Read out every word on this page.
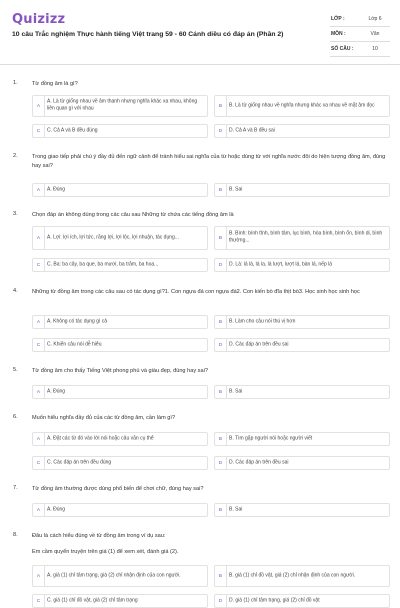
Quizizz
10 câu Trắc nghiệm Thực hành tiếng Việt trang 59 - 60 Cánh diều có đáp án (Phần 2)
LỚP :	Lớp 6
MÔN :	Văn
SỐ CÂU :	10
1.	Từ đồng âm là gì?
A
A. Là từ giống nhau về âm thanh nhưng nghĩa khác xa nhau, không liên quan gì với nhau	B	B. Là từ giống nhau về nghĩa nhưng khác xa nhau về mặt âm đọc
C	C. Cả A và B đều đúng	D	D. Cả A và B đều sai
2.	Trong giao tiếp phải chú ý đầy đủ đến ngữ cảnh để tránh hiểu sai nghĩa của từ hoặc dùng từ với nghĩa nước đôi do hiện tượng đồng âm, đúng hay sai?
A	A. Đúng	B	B. Sai
3.	Chọn đáp án không dùng trong các câu sau Những từ chứa các tiếng đồng âm là
A	A. Lợi: lợi ích, lợi tức, răng lợi, lợi lộc, lợi nhuận, tác dụng...	B
B. Bình: bình tĩnh, bình tâm, lục bình, hòa bình, bình ổn, bình di, bình thường...
C	C. Ba: ba cây, ba que, ba mươi, ba trăm, ba hoa...	D	D. Lá: lá lá, lá la, lá lượt, lượt lá, bàn lá, nếp lá
4.	Những từ đồng âm trong các câu sau có tác dụng gì?1. Con ngựa đá con ngựa đá2. Con kiến bò đĩa thịt bò3. Học sinh học sinh học
A	A. Không có tác dụng gì cả	B	B. Làm cho câu nói thú vị hơn
C	C. Khiến câu nói dễ hiểu	D	D. Các đáp án trên đều sai
5.	Từ đồng âm cho thấy Tiếng Việt phong phú và giàu đẹp, đúng hay sai?
A	A. Đúng	B	B. Sai
6.	Muốn hiểu nghĩa đầy đủ của các từ đồng âm, cần làm gì?
A	A. Đặt các từ đó vào lời nói hoặc câu văn cụ thể	B	B. Tìm gặp người nói hoặc người viết
C	C. Các đáp án trên đều đúng	D	D. Các đáp án trên đều sai
7.	Từ đồng âm thường được dùng phổ biến để chơi chữ, đúng hay sai?
A	A. Đúng	B	B. Sai
8.	Đâu là cách hiểu đúng về từ đồng âm trong ví dụ sau:
Em cầm quyển truyện trên giá (1) để xem xét, đánh giá (2).
A	A. giá (1) chỉ tâm trạng, giá (2) chỉ nhận định của con người.	B	B. giá (1) chỉ đồ vật, giá (2) chỉ nhận định của con người.
C	C. giá (1) chỉ đồ vật, giá (2) chỉ tâm trạng	D	D. giá (1) chỉ tâm trạng, giá (2) chỉ đồ vật
